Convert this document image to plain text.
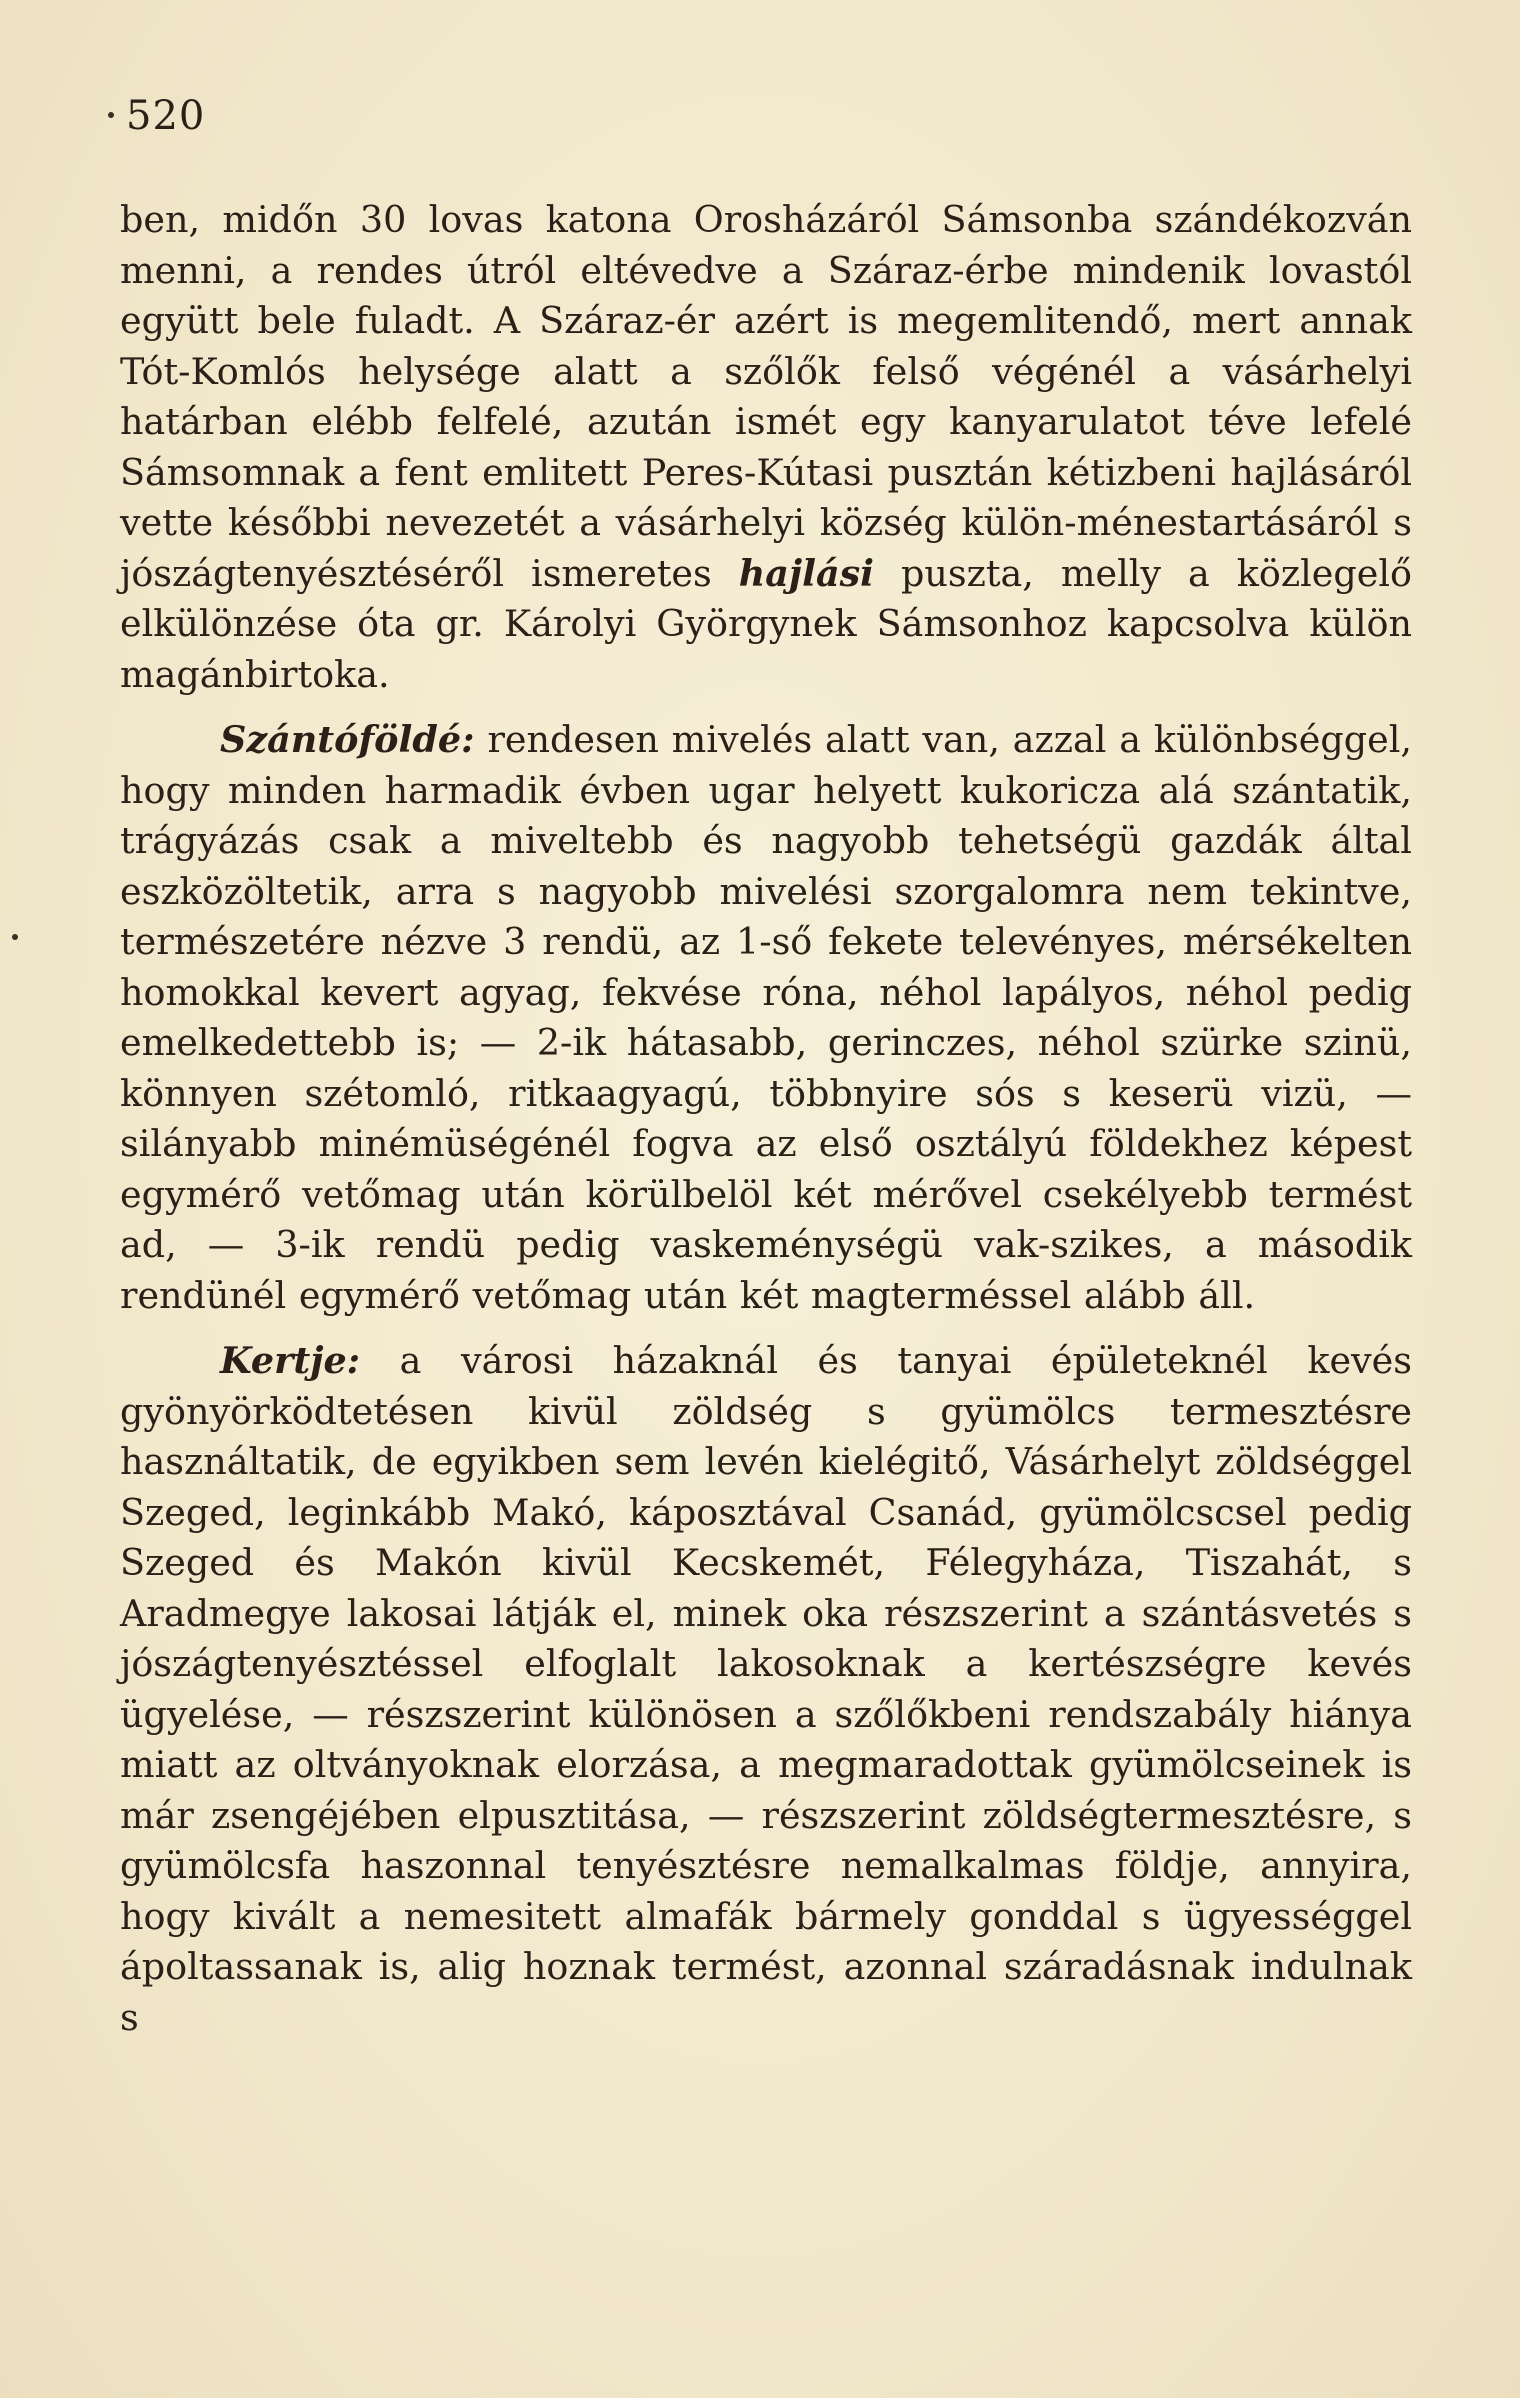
520

ben, midőn 30 lovas katona Orosházáról Sámsonba szándékozván menni, a rendes útról eltévedve a Száraz-érbe mindenik lovastól együtt bele fuladt. A Száraz-ér azért is megemlitendő, mert annak Tót-Komlós helysége alatt a szőlők felső végénél a vásárhelyi határban elébb felfelé, azután ismét egy kanyarulatot téve lefelé Sámsomnak a fent emlitett Peres-Kútasi pusztán kétizbeni hajlásáról vette későbbi nevezetét a vásárhelyi község külön-ménestartásáról s jószágtenyésztéséről ismeretes hajlási puszta, melly a közlegelő elkülönzése óta gr. Károlyi Györgynek Sámsonhoz kapcsolva külön magánbirtoka.

Szántóföldé: rendesen mivelés alatt van, azzal a különbséggel, hogy minden harmadik évben ugar helyett kukoricza alá szántatik, trágyázás csak a miveltebb és nagyobb tehetségü gazdák által eszközöltetik, arra s nagyobb mivelési szorgalomra nem tekintve, természetére nézve 3 rendü, az 1-ső fekete televényes, mérsékelten homokkal kevert agyag, fekvése róna, néhol lapályos, néhol pedig emelkedettebb is; — 2-ik hátasabb, gerinczes, néhol szürke szinü, könnyen szétomló, ritkaagyagú, többnyire sós s keserü vizü, — silányabb minémüségénél fogva az első osztályú földekhez képest egymérő vetőmag után körülbelöl két mérővel csekélyebb termést ad, — 3-ik rendü pedig vaskeménységü vak-szikes, a második rendünél egymérő vetőmag után két magterméssel alább áll.

Kertje: a városi házaknál és tanyai épületeknél kevés gyönyörködtetésen kivül zöldség s gyümölcs termesztésre használtatik, de egyikben sem levén kielégitő, Vásárhelyt zöldséggel Szeged, leginkább Makó, káposztával Csanád, gyümölcscsel pedig Szeged és Makón kivül Kecskemét, Félegyháza, Tiszahát, s Aradmegye lakosai látják el, minek oka részszerint a szántásvetés s jószágtenyésztéssel elfoglalt lakosoknak a kertészségre kevés ügyelése, — részszerint különösen a szőlőkbeni rendszabály hiánya miatt az oltványoknak elorzása, a megmaradottak gyümölcseinek is már zsengéjében elpusztitása, — részszerint zöldségtermesztésre, s gyümölcsfa haszonnal tenyésztésre nemalkalmas földje, annyira, hogy kivált a nemesitett almafák bármely gonddal s ügyességgel ápoltassanak is, alig hoznak termést, azonnal száradásnak indulnak s
